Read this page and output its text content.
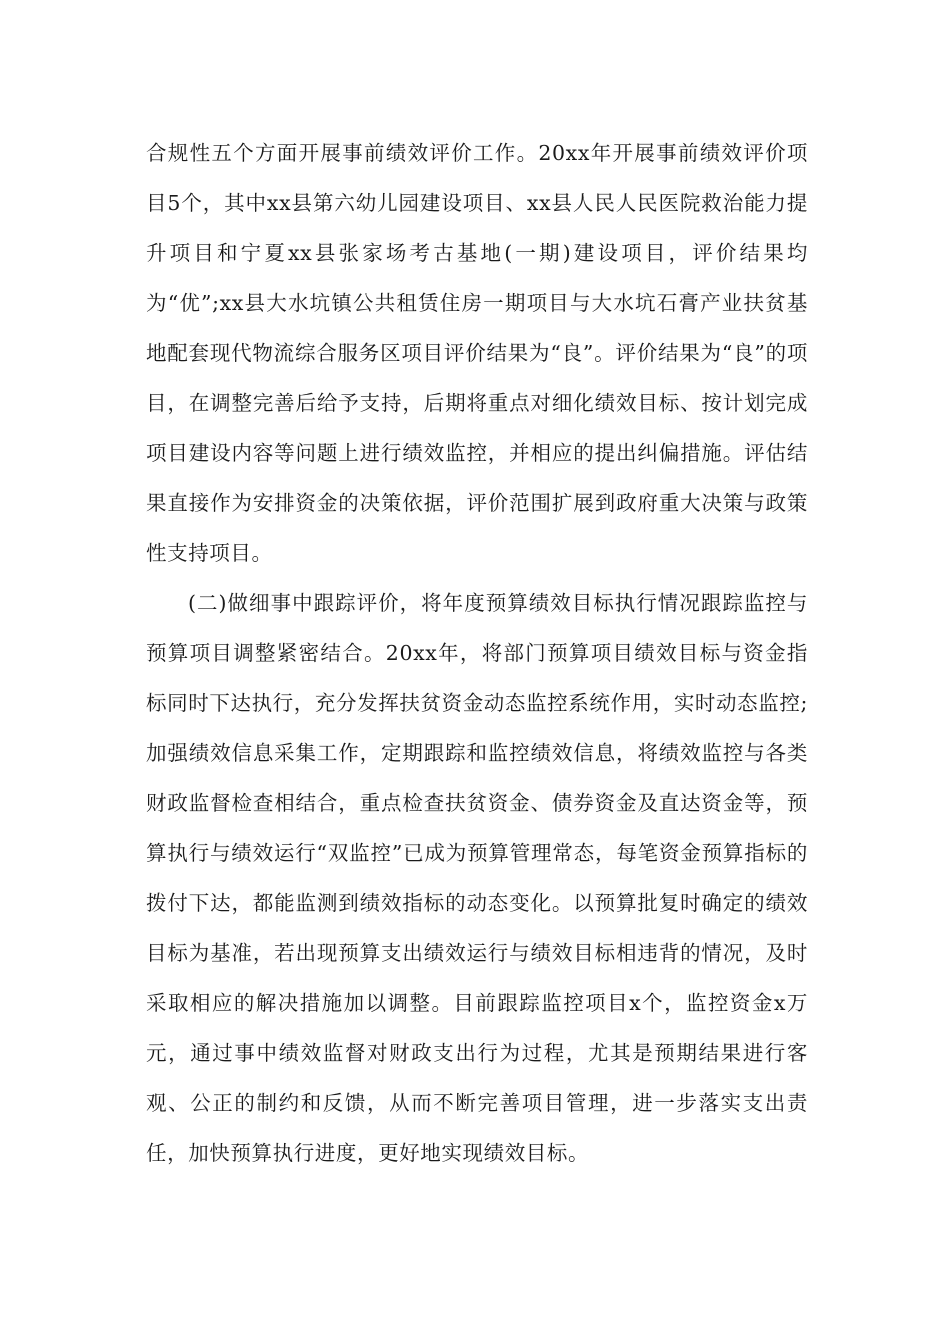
合规性五个方面开展事前绩效评价工作。20xx年开展事前绩效评价项目5个，其中xx县第六幼儿园建设项目、xx县人民人民医院救治能力提升项目和宁夏xx县张家场考古基地(一期)建设项目，评价结果均为“优”;xx县大水坑镇公共租赁住房一期项目与大水坑石膏产业扶贫基地配套现代物流综合服务区项目评价结果为“良”。评价结果为“良”的项目，在调整完善后给予支持，后期将重点对细化绩效目标、按计划完成项目建设内容等问题上进行绩效监控，并相应的提出纠偏措施。评估结果直接作为安排资金的决策依据，评价范围扩展到政府重大决策与政策性支持项目。

(二)做细事中跟踪评价，将年度预算绩效目标执行情况跟踪监控与预算项目调整紧密结合。20xx年，将部门预算项目绩效目标与资金指标同时下达执行，充分发挥扶贫资金动态监控系统作用，实时动态监控;加强绩效信息采集工作，定期跟踪和监控绩效信息，将绩效监控与各类财政监督检查相结合，重点检查扶贫资金、债券资金及直达资金等，预算执行与绩效运行“双监控”已成为预算管理常态，每笔资金预算指标的拨付下达，都能监测到绩效指标的动态变化。以预算批复时确定的绩效目标为基准，若出现预算支出绩效运行与绩效目标相违背的情况，及时采取相应的解决措施加以调整。目前跟踪监控项目x个，监控资金x万元，通过事中绩效监督对财政支出行为过程，尤其是预期结果进行客观、公正的制约和反馈，从而不断完善项目管理，进一步落实支出责任，加快预算执行进度，更好地实现绩效目标。
